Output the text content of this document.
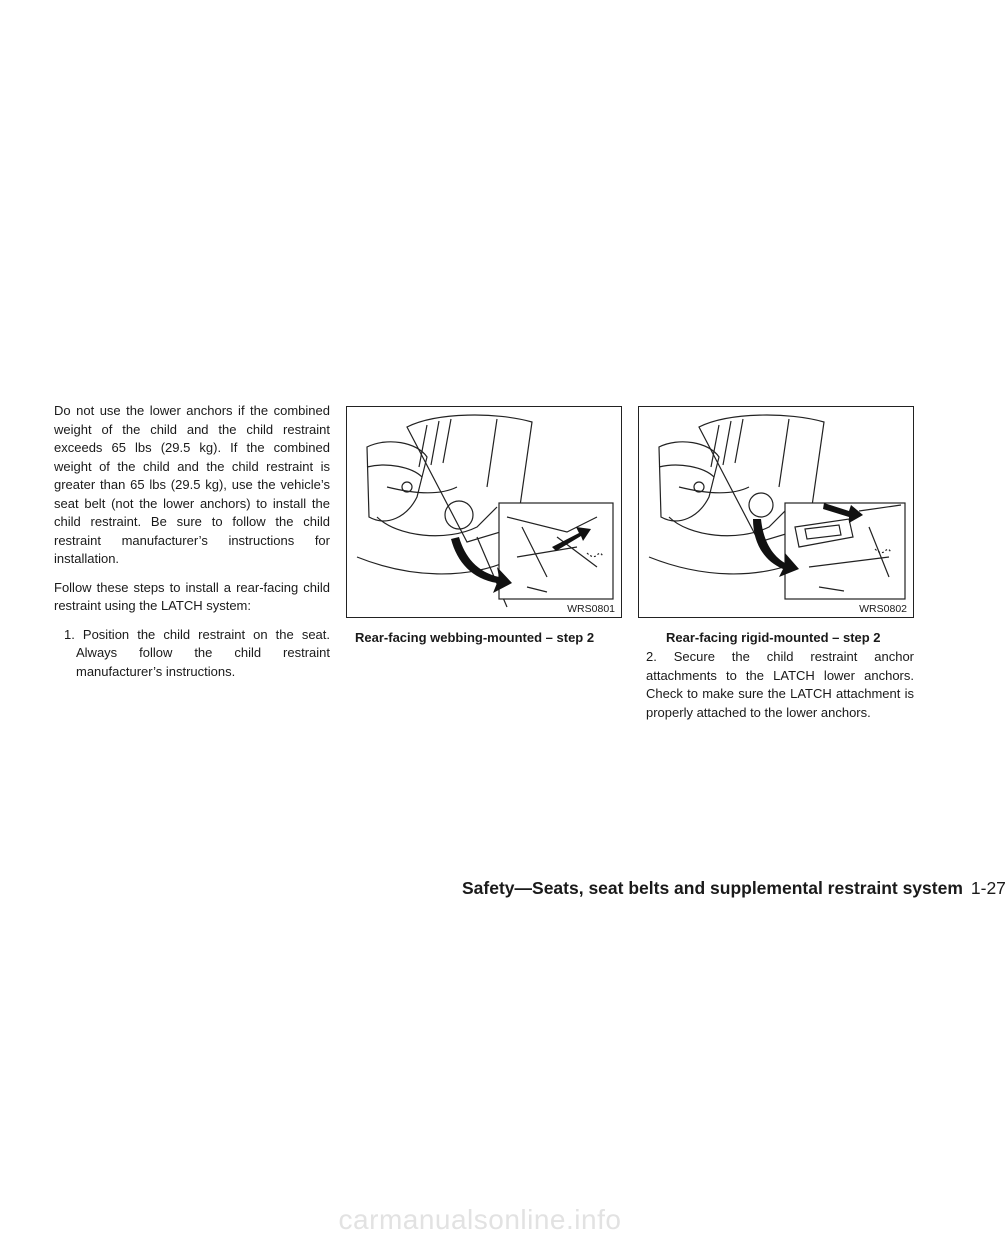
Do not use the lower anchors if the combined weight of the child and the child restraint exceeds 65 lbs (29.5 kg). If the combined weight of the child and the child restraint is greater than 65 lbs (29.5 kg), use the vehicle’s seat belt (not the lower anchors) to install the child restraint. Be sure to follow the child restraint manufacturer’s instructions for installation.

Follow these steps to install a rear-facing child restraint using the LATCH system:

1. Position the child restraint on the seat. Always follow the child restraint manufacturer’s instructions.

WRS0801
Rear-facing webbing-mounted – step 2
WRS0802
Rear-facing rigid-mounted – step 2
2. Secure the child restraint anchor attachments to the LATCH lower anchors. Check to make sure the LATCH attachment is properly attached to the lower anchors.
Safety—Seats, seat belts and supplemental restraint system 1-27
carmanualsonline.info
